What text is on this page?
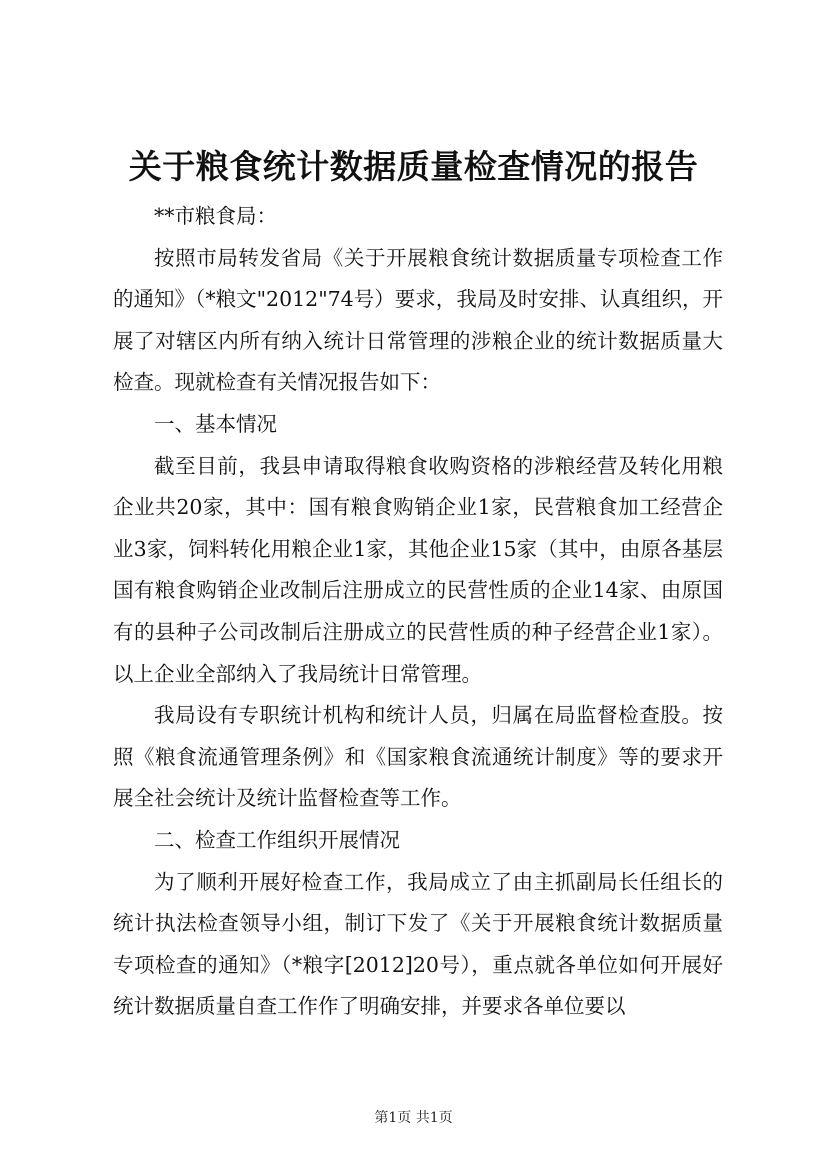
关于粮食统计数据质量检查情况的报告

**市粮食局：

按照市局转发省局《关于开展粮食统计数据质量专项检查工作的通知》（*粮文"2012"74号）要求，我局及时安排、认真组织，开展了对辖区内所有纳入统计日常管理的涉粮企业的统计数据质量大检查。现就检查有关情况报告如下：

一、基本情况

截至目前，我县申请取得粮食收购资格的涉粮经营及转化用粮企业共20家，其中：国有粮食购销企业1家，民营粮食加工经营企业3家，饲料转化用粮企业1家，其他企业15家（其中，由原各基层国有粮食购销企业改制后注册成立的民营性质的企业14家、由原国有的县种子公司改制后注册成立的民营性质的种子经营企业1家）。以上企业全部纳入了我局统计日常管理。

我局设有专职统计机构和统计人员，归属在局监督检查股。按照《粮食流通管理条例》和《国家粮食流通统计制度》等的要求开展全社会统计及统计监督检查等工作。

二、检查工作组织开展情况

为了顺利开展好检查工作，我局成立了由主抓副局长任组长的统计执法检查领导小组，制订下发了《关于开展粮食统计数据质量专项检查的通知》（*粮字[2012]20号），重点就各单位如何开展好统计数据质量自查工作作了明确安排，并要求各单位要以

第1页 共1页
